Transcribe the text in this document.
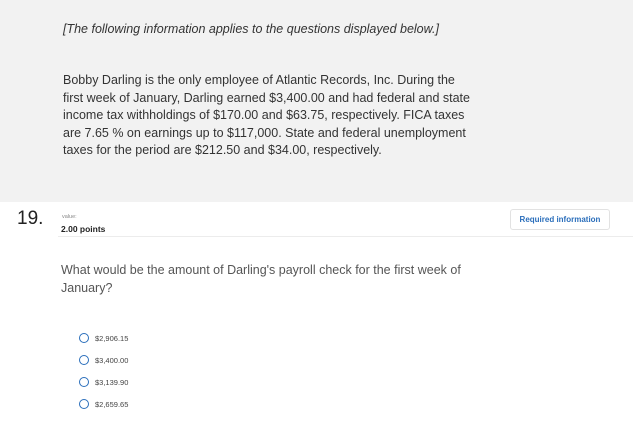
[The following information applies to the questions displayed below.]
Bobby Darling is the only employee of Atlantic Records, Inc. During the first week of January, Darling earned $3,400.00 and had federal and state income tax withholdings of $170.00 and $63.75, respectively. FICA taxes are 7.65 % on earnings up to $117,000. State and federal unemployment taxes for the period are $212.50 and $34.00, respectively.
19.	value:
2.00 points
Required information
What would be the amount of Darling's payroll check for the first week of January?
$2,906.15
$3,400.00
$3,139.90
$2,659.65
